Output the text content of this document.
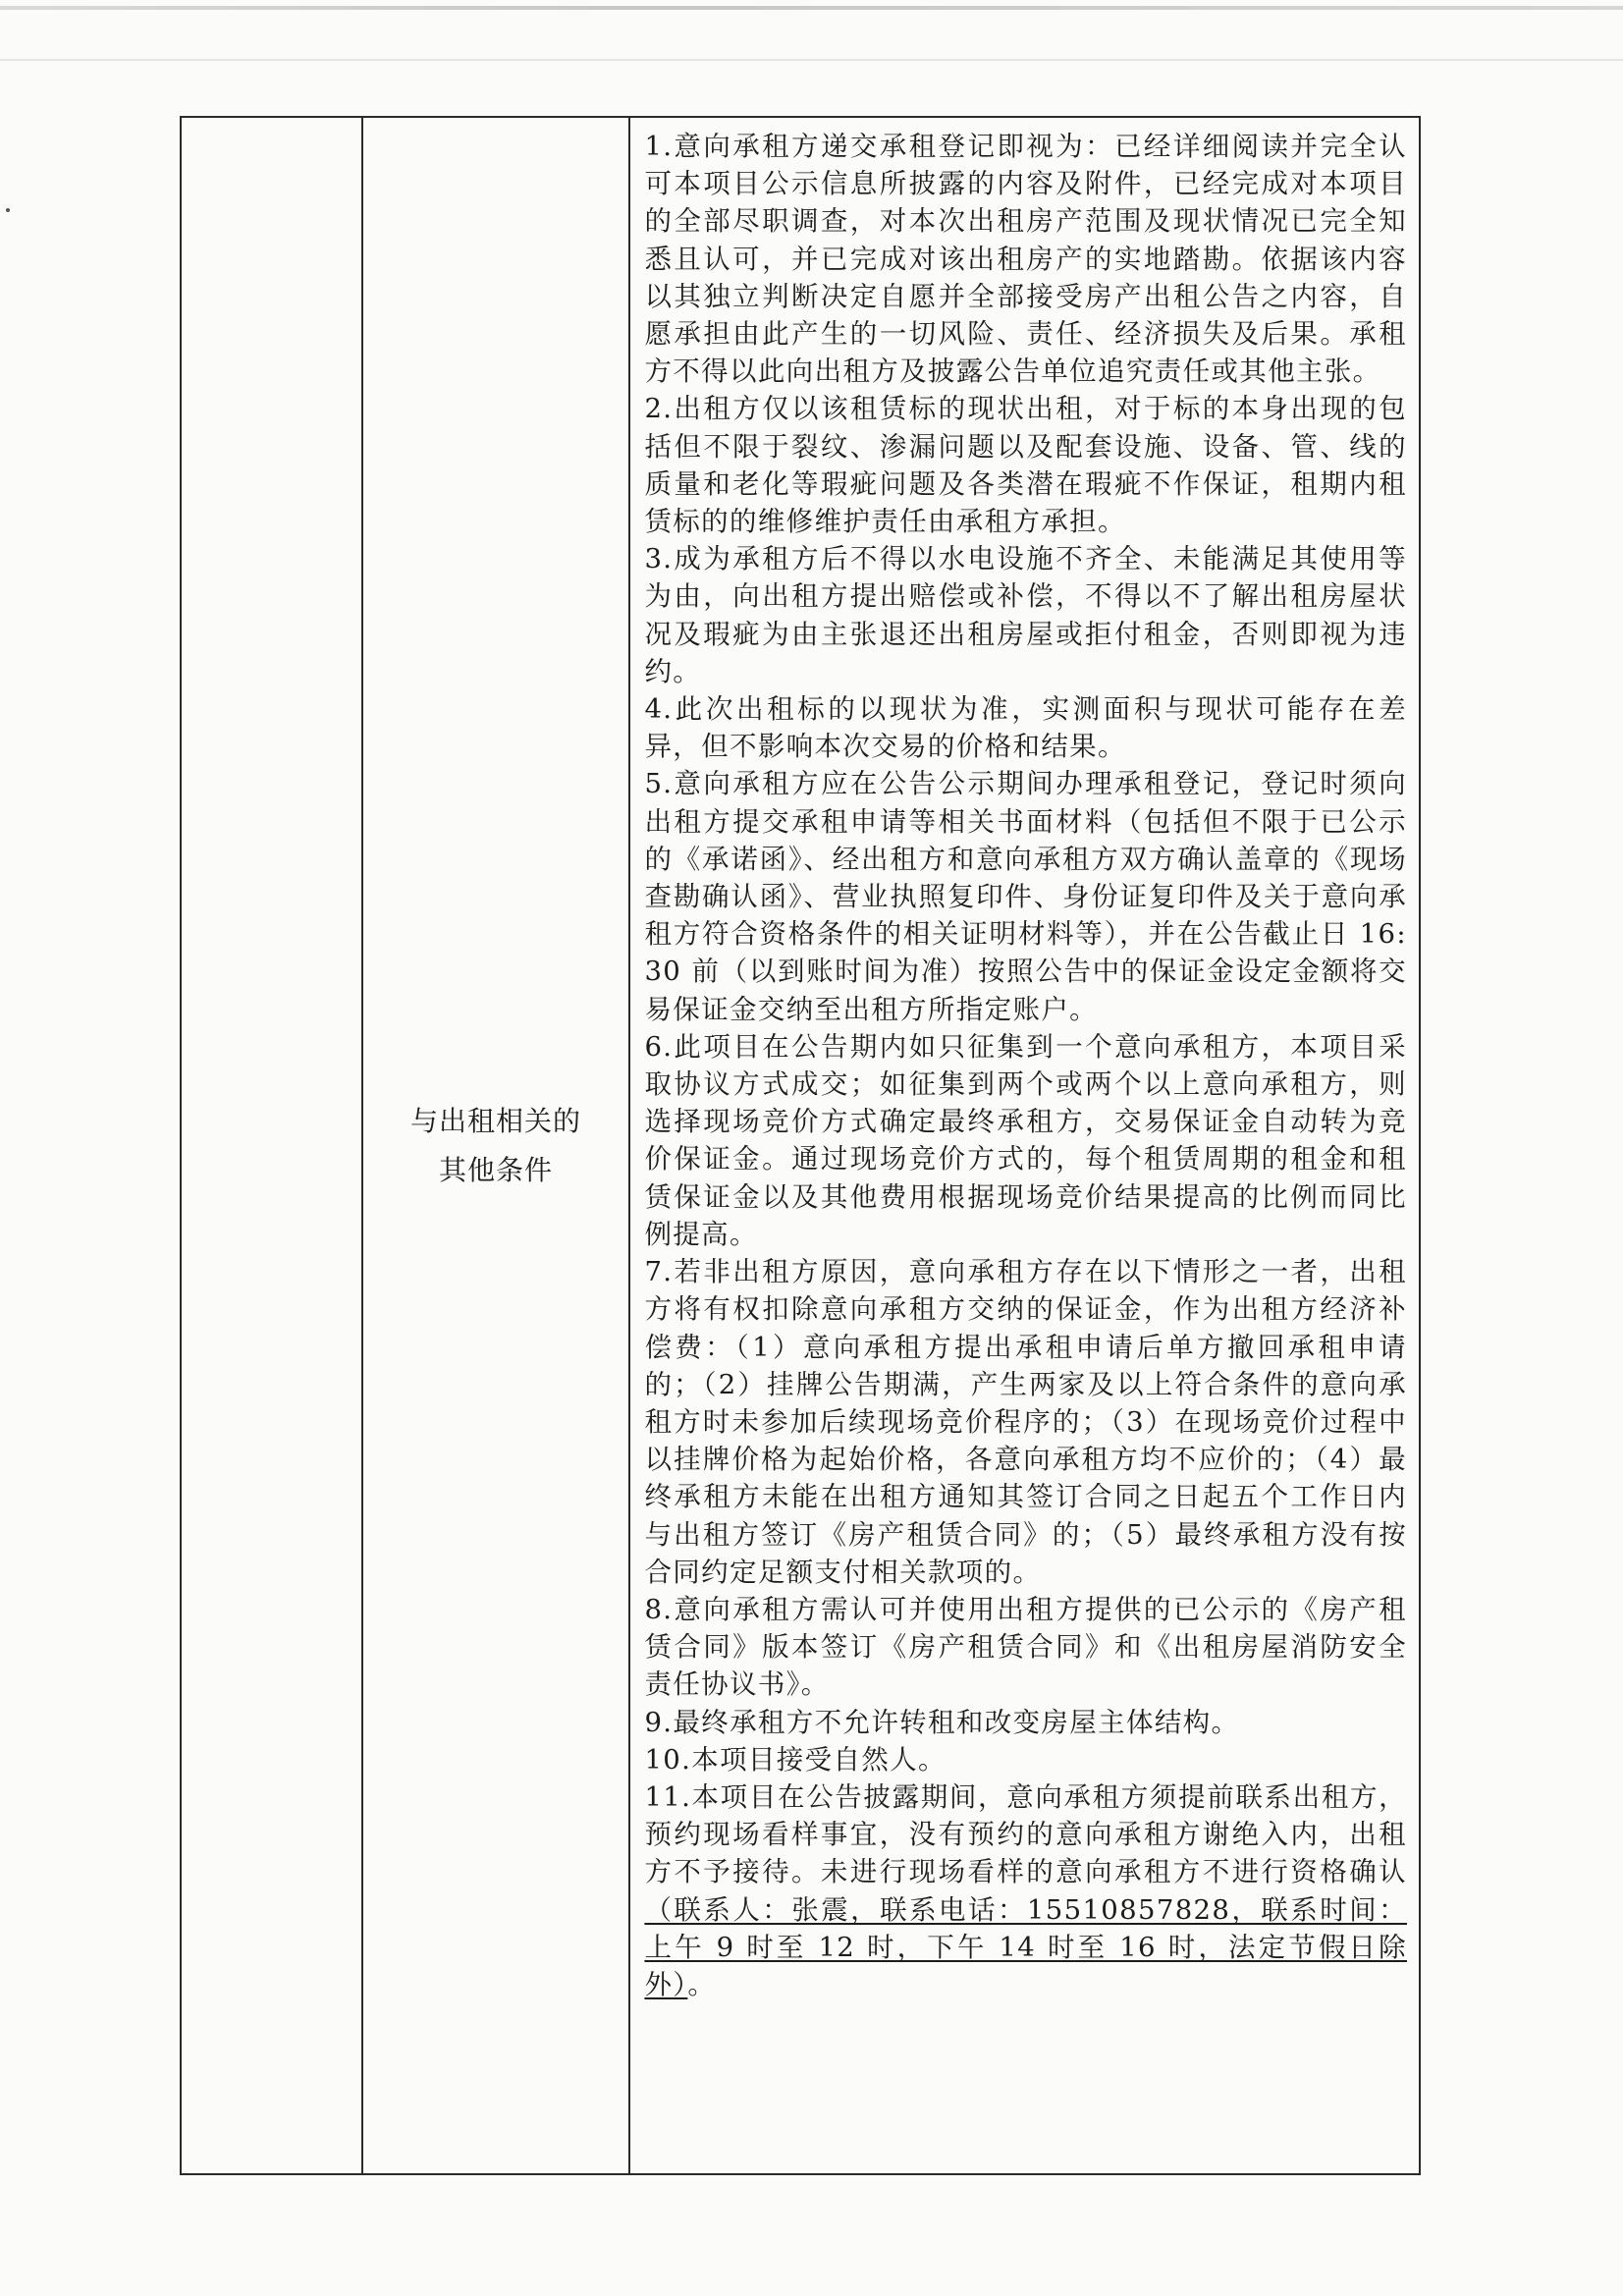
	与出租相关的
其他条件	
1.意向承租方递交承租登记即视为：已经详细阅读并完全认可本项目公示信息所披露的内容及附件，已经完成对本项目的全部尽职调查，对本次出租房产范围及现状情况已完全知悉且认可，并已完成对该出租房产的实地踏勘。依据该内容以其独立判断决定自愿并全部接受房产出租公告之内容，自愿承担由此产生的一切风险、责任、经济损失及后果。承租方不得以此向出租方及披露公告单位追究责任或其他主张。
2.出租方仅以该租赁标的现状出租，对于标的本身出现的包括但不限于裂纹、渗漏问题以及配套设施、设备、管、线的质量和老化等瑕疵问题及各类潜在瑕疵不作保证，租期内租赁标的的维修维护责任由承租方承担。
3.成为承租方后不得以水电设施不齐全、未能满足其使用等为由，向出租方提出赔偿或补偿，不得以不了解出租房屋状况及瑕疵为由主张退还出租房屋或拒付租金，否则即视为违约。
4.此次出租标的以现状为准，实测面积与现状可能存在差异，但不影响本次交易的价格和结果。
5.意向承租方应在公告公示期间办理承租登记，登记时须向出租方提交承租申请等相关书面材料（包括但不限于已公示的《承诺函》、经出租方和意向承租方双方确认盖章的《现场查勘确认函》、营业执照复印件、身份证复印件及关于意向承租方符合资格条件的相关证明材料等），并在公告截止日 16:30 前（以到账时间为准）按照公告中的保证金设定金额将交易保证金交纳至出租方所指定账户。
6.此项目在公告期内如只征集到一个意向承租方，本项目采取协议方式成交；如征集到两个或两个以上意向承租方，则选择现场竞价方式确定最终承租方，交易保证金自动转为竞价保证金。通过现场竞价方式的，每个租赁周期的租金和租赁保证金以及其他费用根据现场竞价结果提高的比例而同比例提高。
7.若非出租方原因，意向承租方存在以下情形之一者，出租方将有权扣除意向承租方交纳的保证金，作为出租方经济补偿费：（1）意向承租方提出承租申请后单方撤回承租申请的；（2）挂牌公告期满，产生两家及以上符合条件的意向承租方时未参加后续现场竞价程序的；（3）在现场竞价过程中以挂牌价格为起始价格，各意向承租方均不应价的；（4）最终承租方未能在出租方通知其签订合同之日起五个工作日内与出租方签订《房产租赁合同》的；（5）最终承租方没有按合同约定足额支付相关款项的。
8.意向承租方需认可并使用出租方提供的已公示的《房产租赁合同》版本签订《房产租赁合同》和《出租房屋消防安全责任协议书》。
9.最终承租方不允许转租和改变房屋主体结构。
10.本项目接受自然人。
11.本项目在公告披露期间，意向承租方须提前联系出租方，预约现场看样事宜，没有预约的意向承租方谢绝入内，出租方不予接待。未进行现场看样的意向承租方不进行资格确认（联系人：张震，联系电话：15510857828，联系时间：上午 9 时至 12 时，下午 14 时至 16 时，法定节假日除外）。
